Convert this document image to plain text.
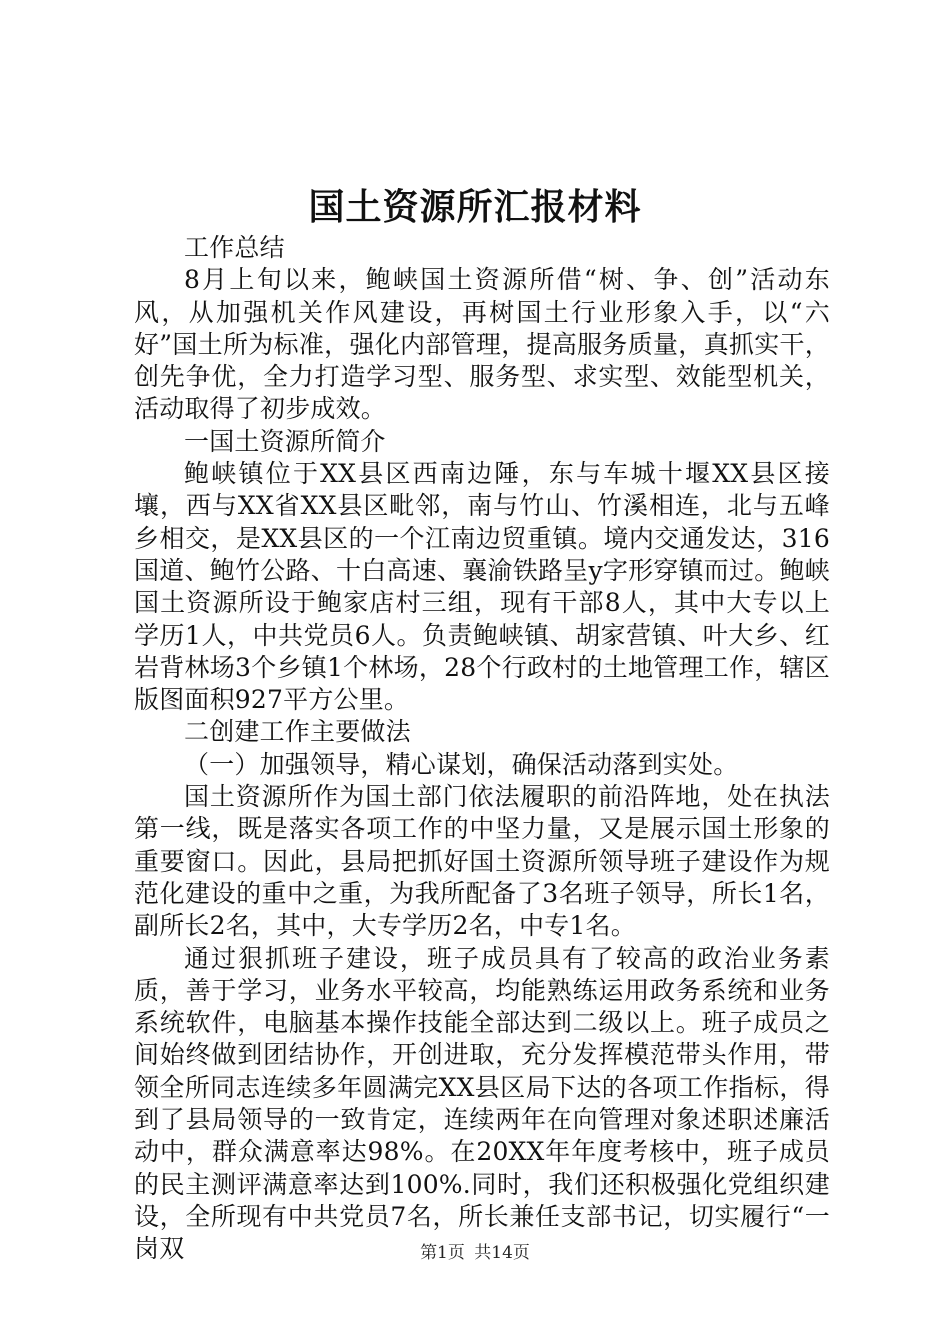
国土资源所汇报材料

工作总结

8月上旬以来，鲍峡国土资源所借“树、争、创”活动东风，从加强机关作风建设，再树国土行业形象入手，以“六好”国土所为标准，强化内部管理，提高服务质量，真抓实干，创先争优，全力打造学习型、服务型、求实型、效能型机关，活动取得了初步成效。

一国土资源所简介

鲍峡镇位于XX县区西南边陲，东与车城十堰XX县区接壤，西与XX省XX县区毗邻，南与竹山、竹溪相连，北与五峰乡相交，是XX县区的一个江南边贸重镇。境内交通发达，316国道、鲍竹公路、十白高速、襄渝铁路呈y字形穿镇而过。鲍峡国土资源所设于鲍家店村三组，现有干部8人，其中大专以上学历1人，中共党员6人。负责鲍峡镇、胡家营镇、叶大乡、红岩背林场3个乡镇1个林场，28个行政村的土地管理工作，辖区版图面积927平方公里。

二创建工作主要做法

（一）加强领导，精心谋划，确保活动落到实处。

国土资源所作为国土部门依法履职的前沿阵地，处在执法第一线，既是落实各项工作的中坚力量，又是展示国土形象的重要窗口。因此，县局把抓好国土资源所领导班子建设作为规范化建设的重中之重，为我所配备了3名班子领导，所长1名，副所长2名，其中，大专学历2名，中专1名。

通过狠抓班子建设，班子成员具有了较高的政治业务素质，善于学习，业务水平较高，均能熟练运用政务系统和业务系统软件，电脑基本操作技能全部达到二级以上。班子成员之间始终做到团结协作，开创进取，充分发挥模范带头作用，带领全所同志连续多年圆满完XX县区局下达的各项工作指标，得到了县局领导的一致肯定，连续两年在向管理对象述职述廉活动中，群众满意率达98%。在20XX年年度考核中，班子成员的民主测评满意率达到100%.同时，我们还积极强化党组织建设，全所现有中共党员7名，所长兼任支部书记，切实履行“一岗双	第1页 共14页
